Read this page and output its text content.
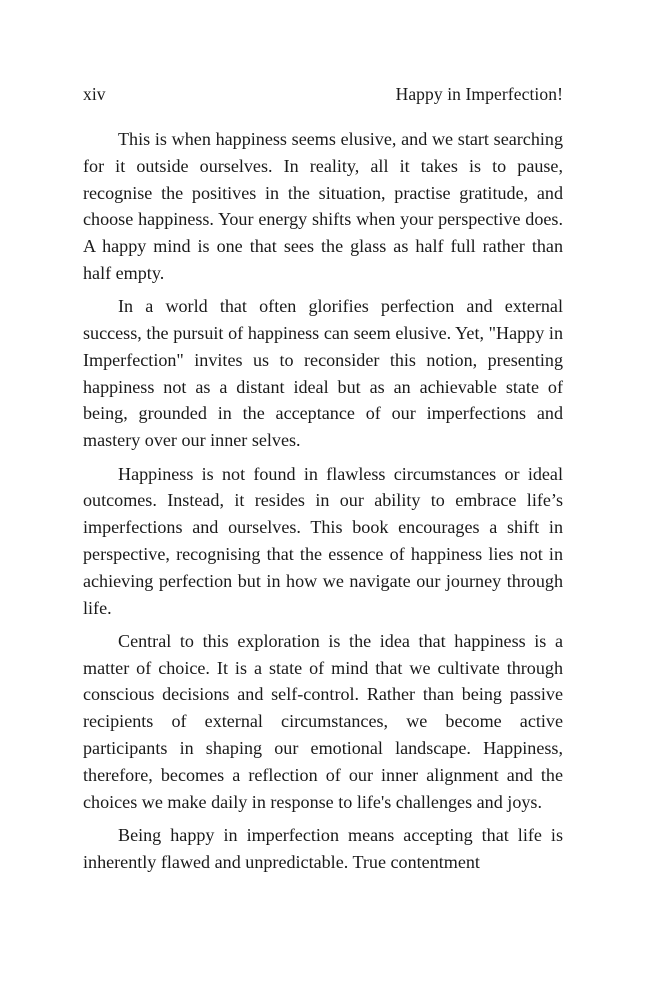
xiv	Happy in Imperfection!

This is when happiness seems elusive, and we start searching for it outside ourselves. In reality, all it takes is to pause, recognise the positives in the situation, practise gratitude, and choose happiness. Your energy shifts when your perspective does. A happy mind is one that sees the glass as half full rather than half empty.

In a world that often glorifies perfection and external success, the pursuit of happiness can seem elusive. Yet, "Happy in Imperfection" invites us to reconsider this notion, presenting happiness not as a distant ideal but as an achievable state of being, grounded in the acceptance of our imperfections and mastery over our inner selves.

Happiness is not found in flawless circumstances or ideal outcomes. Instead, it resides in our ability to embrace life’s imperfections and ourselves. This book encourages a shift in perspective, recognising that the essence of happiness lies not in achieving perfection but in how we navigate our journey through life.

Central to this exploration is the idea that happiness is a matter of choice. It is a state of mind that we cultivate through conscious decisions and self-control. Rather than being passive recipients of external circumstances, we become active participants in shaping our emotional landscape. Happiness, therefore, becomes a reflection of our inner alignment and the choices we make daily in response to life's challenges and joys.

Being happy in imperfection means accepting that life is inherently flawed and unpredictable. True contentment
